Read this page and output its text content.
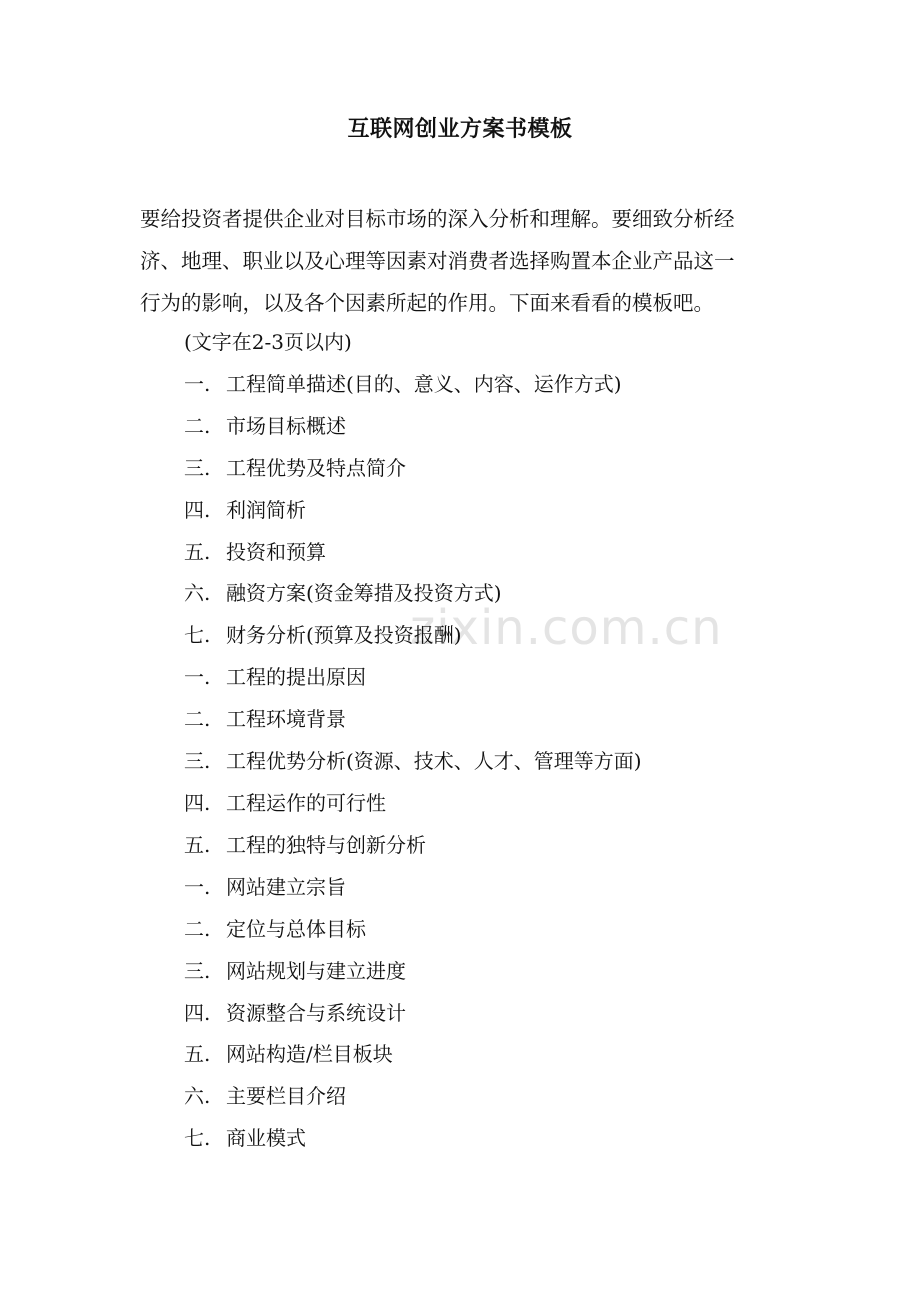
zixin.com.cn
互联网创业方案书模板
要给投资者提供企业对目标市场的深入分析和理解。要细致分析经
济、地理、职业以及心理等因素对消费者选择购置本企业产品这一
行为的影响，以及各个因素所起的作用。下面来看看的模板吧。
(文字在2-3页以内)
一. 工程简单描述(目的、意义、内容、运作方式)
二. 市场目标概述
三. 工程优势及特点简介
四. 利润简析
五. 投资和预算
六. 融资方案(资金筹措及投资方式)
七. 财务分析(预算及投资报酬)
一. 工程的提出原因
二. 工程环境背景
三. 工程优势分析(资源、技术、人才、管理等方面)
四. 工程运作的可行性
五. 工程的独特与创新分析
一. 网站建立宗旨
二. 定位与总体目标
三. 网站规划与建立进度
四. 资源整合与系统设计
五. 网站构造/栏目板块
六. 主要栏目介绍
七. 商业模式
